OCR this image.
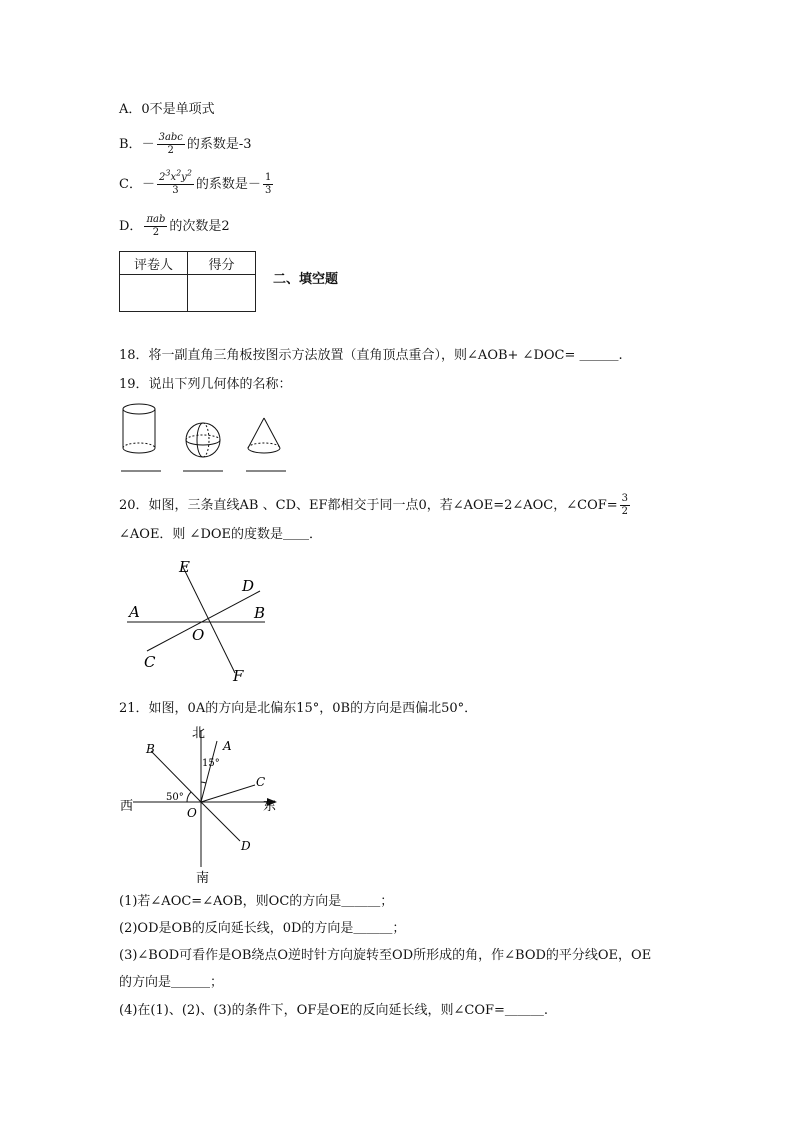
A．0不是单项式
B．－ $\frac{\text{3abc}}{2}$ 的系数是-3
C．－ $\frac{2^3x^2y^2}{3}$ 的系数是－ $\frac{1}{3}$
D． $\frac{\text{πab}}{2}$ 的次数是2
评卷人	得分

二、填空题
18．将一副直角三角板按图示方法放置（直角顶点重合），则∠AOB+ ∠DOC= ＿＿＿.
19．说出下列几何体的名称：
20．如图，三条直线AB 、CD、EF都相交于同一点0，若∠AOE=2∠AOC，∠COF= $\frac{3}{2}$
∠AOE．则 ∠DOE的度数是＿＿．
E
D
A	B
O
C
F
21．如图，0A的方向是北偏东15°，0B的方向是西偏北50°．
北
南
东
西
A
B
C
D
O
15°
50°
(1)若∠AOC=∠AOB，则OC的方向是＿＿＿；
(2)OD是OB的反向延长线，0D的方向是＿＿＿；
(3)∠BOD可看作是OB绕点O逆时针方向旋转至OD所形成的角，作∠BOD的平分线OE，OE
的方向是＿＿＿；
(4)在(1)、(2)、(3)的条件下，OF是OE的反向延长线，则∠COF=＿＿＿.
